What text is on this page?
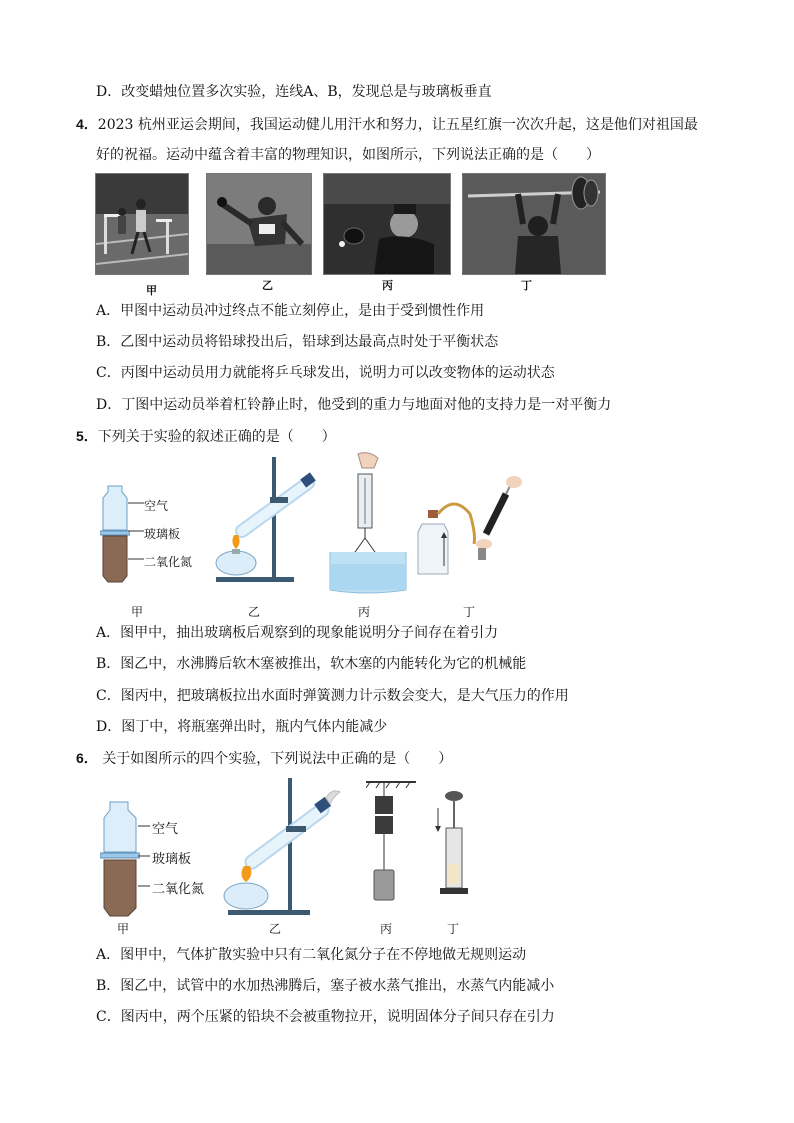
D．改变蜡烛位置多次实验，连线A、B，发现总是与玻璃板垂直
4．2023 杭州亚运会期间，我国运动健儿用汗水和努力，让五星红旗一次次升起，这是他们对祖国最
好的祝福。运动中蕴含着丰富的物理知识，如图所示，下列说法正确的是（　　）
甲	乙	丙	丁
A．甲图中运动员冲过终点不能立刻停止，是由于受到惯性作用
B．乙图中运动员将铅球投出后，铅球到达最高点时处于平衡状态
C．丙图中运动员用力就能将乒乓球发出，说明力可以改变物体的运动状态
D．丁图中运动员举着杠铃静止时，他受到的重力与地面对他的支持力是一对平衡力
5．下列关于实验的叙述正确的是（　　）
空气
玻璃板
二氧化氮
甲	乙	丙	丁
A．图甲中，抽出玻璃板后观察到的现象能说明分子间存在着引力
B．图乙中，水沸腾后软木塞被推出，软木塞的内能转化为它的机械能
C．图丙中，把玻璃板拉出水面时弹簧测力计示数会变大，是大气压力的作用
D．图丁中，将瓶塞弹出时，瓶内气体内能减少
6． 关于如图所示的四个实验，下列说法中正确的是（　　）
空气
玻璃板
二氧化氮
甲	乙	丙	丁
A．图甲中，气体扩散实验中只有二氧化氮分子在不停地做无规则运动
B．图乙中，试管中的水加热沸腾后，塞子被水蒸气推出，水蒸气内能减小
C．图丙中，两个压紧的铅块不会被重物拉开，说明固体分子间只存在引力
